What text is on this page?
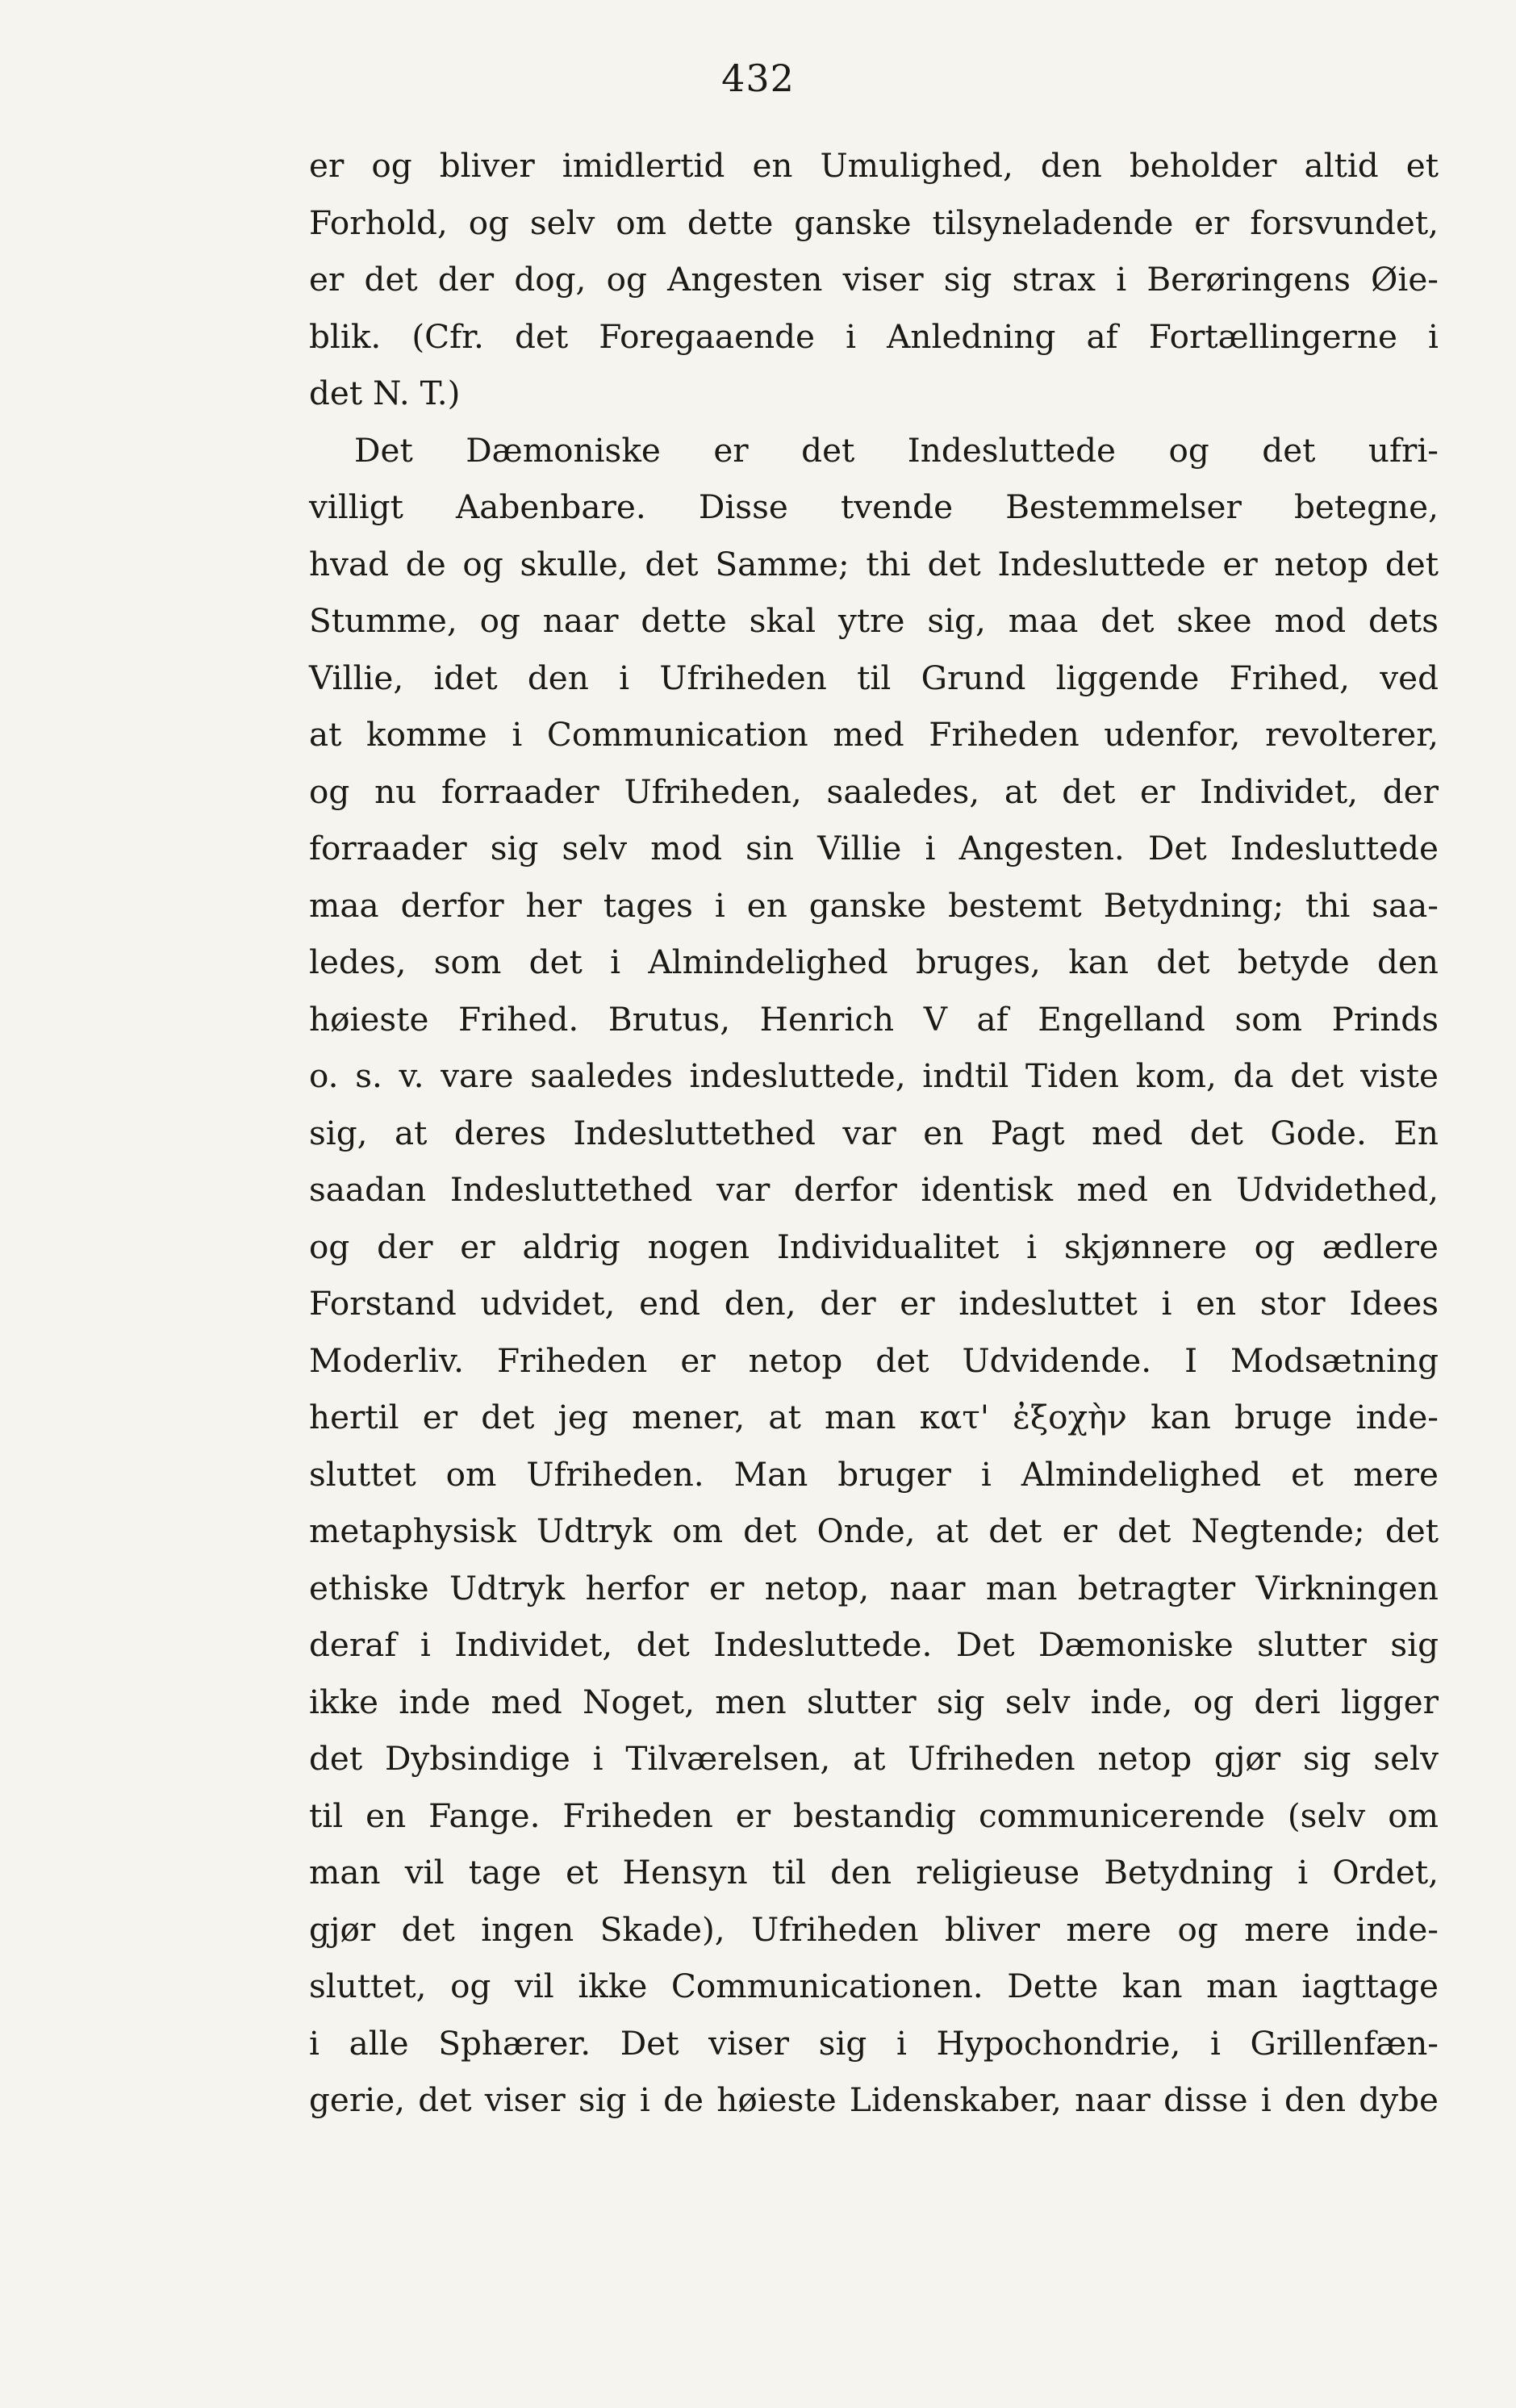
432
er og bliver imidlertid en Umulighed, den beholder altid et
Forhold, og selv om dette ganske tilsyneladende er forsvundet,
er det der dog, og Angesten viser sig strax i Berøringens Øie-
blik. (Cfr. det Foregaaende i Anledning af Fortællingerne i
det N. T.)
Det Dæmoniske er det Indesluttede og det ufri-
villigt Aabenbare. Disse tvende Bestemmelser betegne,
hvad de og skulle, det Samme; thi det Indesluttede er netop det
Stumme, og naar dette skal ytre sig, maa det skee mod dets
Villie, idet den i Ufriheden til Grund liggende Frihed, ved
at komme i Communication med Friheden udenfor, revolterer,
og nu forraader Ufriheden, saaledes, at det er Individet, der
forraader sig selv mod sin Villie i Angesten. Det Indesluttede
maa derfor her tages i en ganske bestemt Betydning; thi saa-
ledes, som det i Almindelighed bruges, kan det betyde den
høieste Frihed. Brutus, Henrich V af Engelland som Prinds
o. s. v. vare saaledes indesluttede, indtil Tiden kom, da det viste
sig, at deres Indesluttethed var en Pagt med det Gode. En
saadan Indesluttethed var derfor identisk med en Udvidethed,
og der er aldrig nogen Individualitet i skjønnere og ædlere
Forstand udvidet, end den, der er indesluttet i en stor Idees
Moderliv. Friheden er netop det Udvidende. I Modsætning
hertil er det jeg mener, at man κατ' ἐξοχὴν kan bruge inde-
sluttet om Ufriheden. Man bruger i Almindelighed et mere
metaphysisk Udtryk om det Onde, at det er det Negtende; det
ethiske Udtryk herfor er netop, naar man betragter Virkningen
deraf i Individet, det Indesluttede. Det Dæmoniske slutter sig
ikke inde med Noget, men slutter sig selv inde, og deri ligger
det Dybsindige i Tilværelsen, at Ufriheden netop gjør sig selv
til en Fange. Friheden er bestandig communicerende (selv om
man vil tage et Hensyn til den religieuse Betydning i Ordet,
gjør det ingen Skade), Ufriheden bliver mere og mere inde-
sluttet, og vil ikke Communicationen. Dette kan man iagttage
i alle Sphærer. Det viser sig i Hypochondrie, i Grillenfæn-
gerie, det viser sig i de høieste Lidenskaber, naar disse i den dybe
